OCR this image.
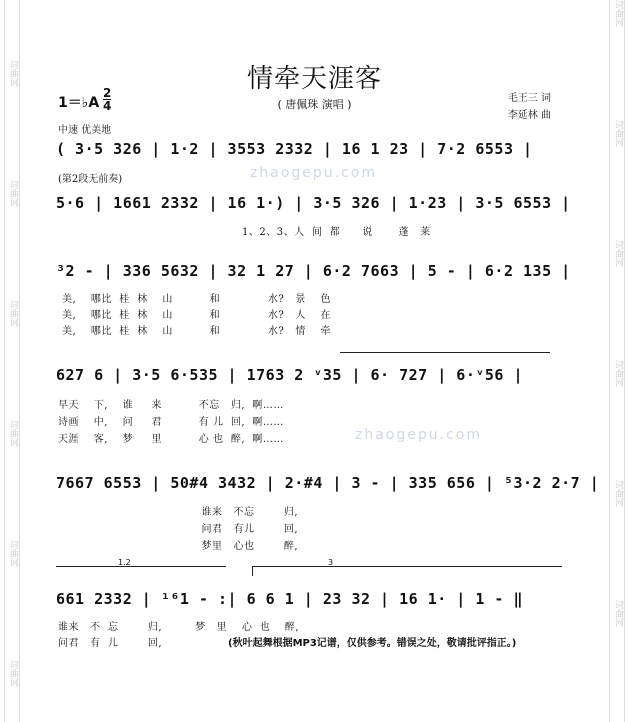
词曲网
词曲网
词曲网
词曲网
词曲网
词曲网
词曲网
词曲网
词曲网
词曲网
词曲网
词曲网
情牵天涯客
( 唐佩珠 演唱 )	毛王三 词
李延林 曲
1＝♭A
2
4
中速 优美地
zhaogepu.com
zhaogepu.com
( 3·5 326 | 1·2 | 3553 2332 | 16 1 23 | 7·2 6553 |
(第2段无前奏)
5·6 | 1661 2332 | 16 1·) | 3·5 326 | 1·23 | 3·5 6553 |
1、2、3、人  间  都      说       蓬   莱
³2 - | 336 5632 | 32 1 27 | 6·2 7663 | 5 - | 6·2 135 |
美,    哪比  桂  林    山          和             水?   景    色
美,    哪比  桂  林    山          和             水?   人    在
美,    哪比  桂  林    山          和             水?   情    牵
627 6 | 3·5 6·535 | 1763 2 ᵛ35 | 6· 727 | 6·ᵛ56 |
早天    下,    谁     来          不忘   归,  啊……
诗画    中,    问     君          有 儿  回,  啊……
天涯    客,    梦     里          心 也  醉,  啊……
7667 6553 | 50#4 3432 | 2·#4 | 3 - | 335 656 | ⁵3·2 2·7 |
谁来   不忘        归,
问君   有儿        回,
梦里   心也        醉,
1.2	3
661 2332 | ¹⁶1 - :| 6 6 1 | 23 32 | 16 1· | 1 - ‖
谁来   不  忘        归,         梦   里    心  也    醉,
问君   有  儿        回,	(秋叶起舞根据MP3记谱，仅供参考。错误之处，敬请批评指正。)
